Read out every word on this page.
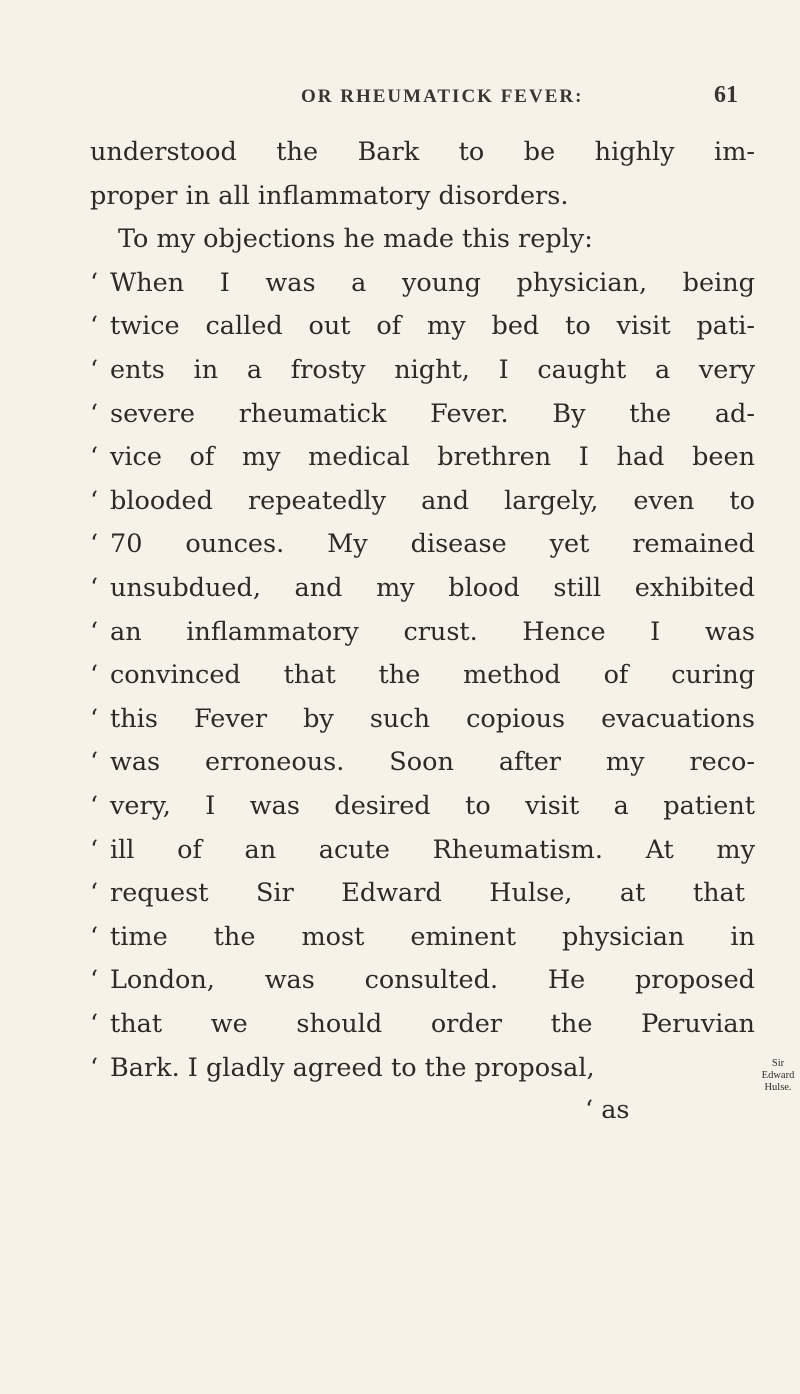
OR RHEUMATICK FEVER:	61
understood the Bark to be highly im-
proper in all inflammatory disorders.
To my objections he made this reply:
‘ When I was a young physician, being
‘ twice called out of my bed to visit pati-
‘ ents in a frosty night, I caught a very
‘ severe rheumatick Fever. By the ad-
‘ vice of my medical brethren I had been
‘ blooded repeatedly and largely, even to
‘ 70 ounces. My disease yet remained
‘ unsubdued, and my blood still exhibited
‘ an inflammatory crust. Hence I was
‘ convinced that the method of curing
‘ this Fever by such copious evacuations
‘ was erroneous. Soon after my reco-
‘ very, I was desired to visit a patient
‘ ill of an acute Rheumatism. At my
‘ request Sir Edward Hulse, at that
‘ time the most eminent physician in
‘ London, was consulted. He proposed
‘ that we should order the Peruvian
‘ Bark. I gladly agreed to the proposal,
‘ as
Sir Edward
Hulse.
